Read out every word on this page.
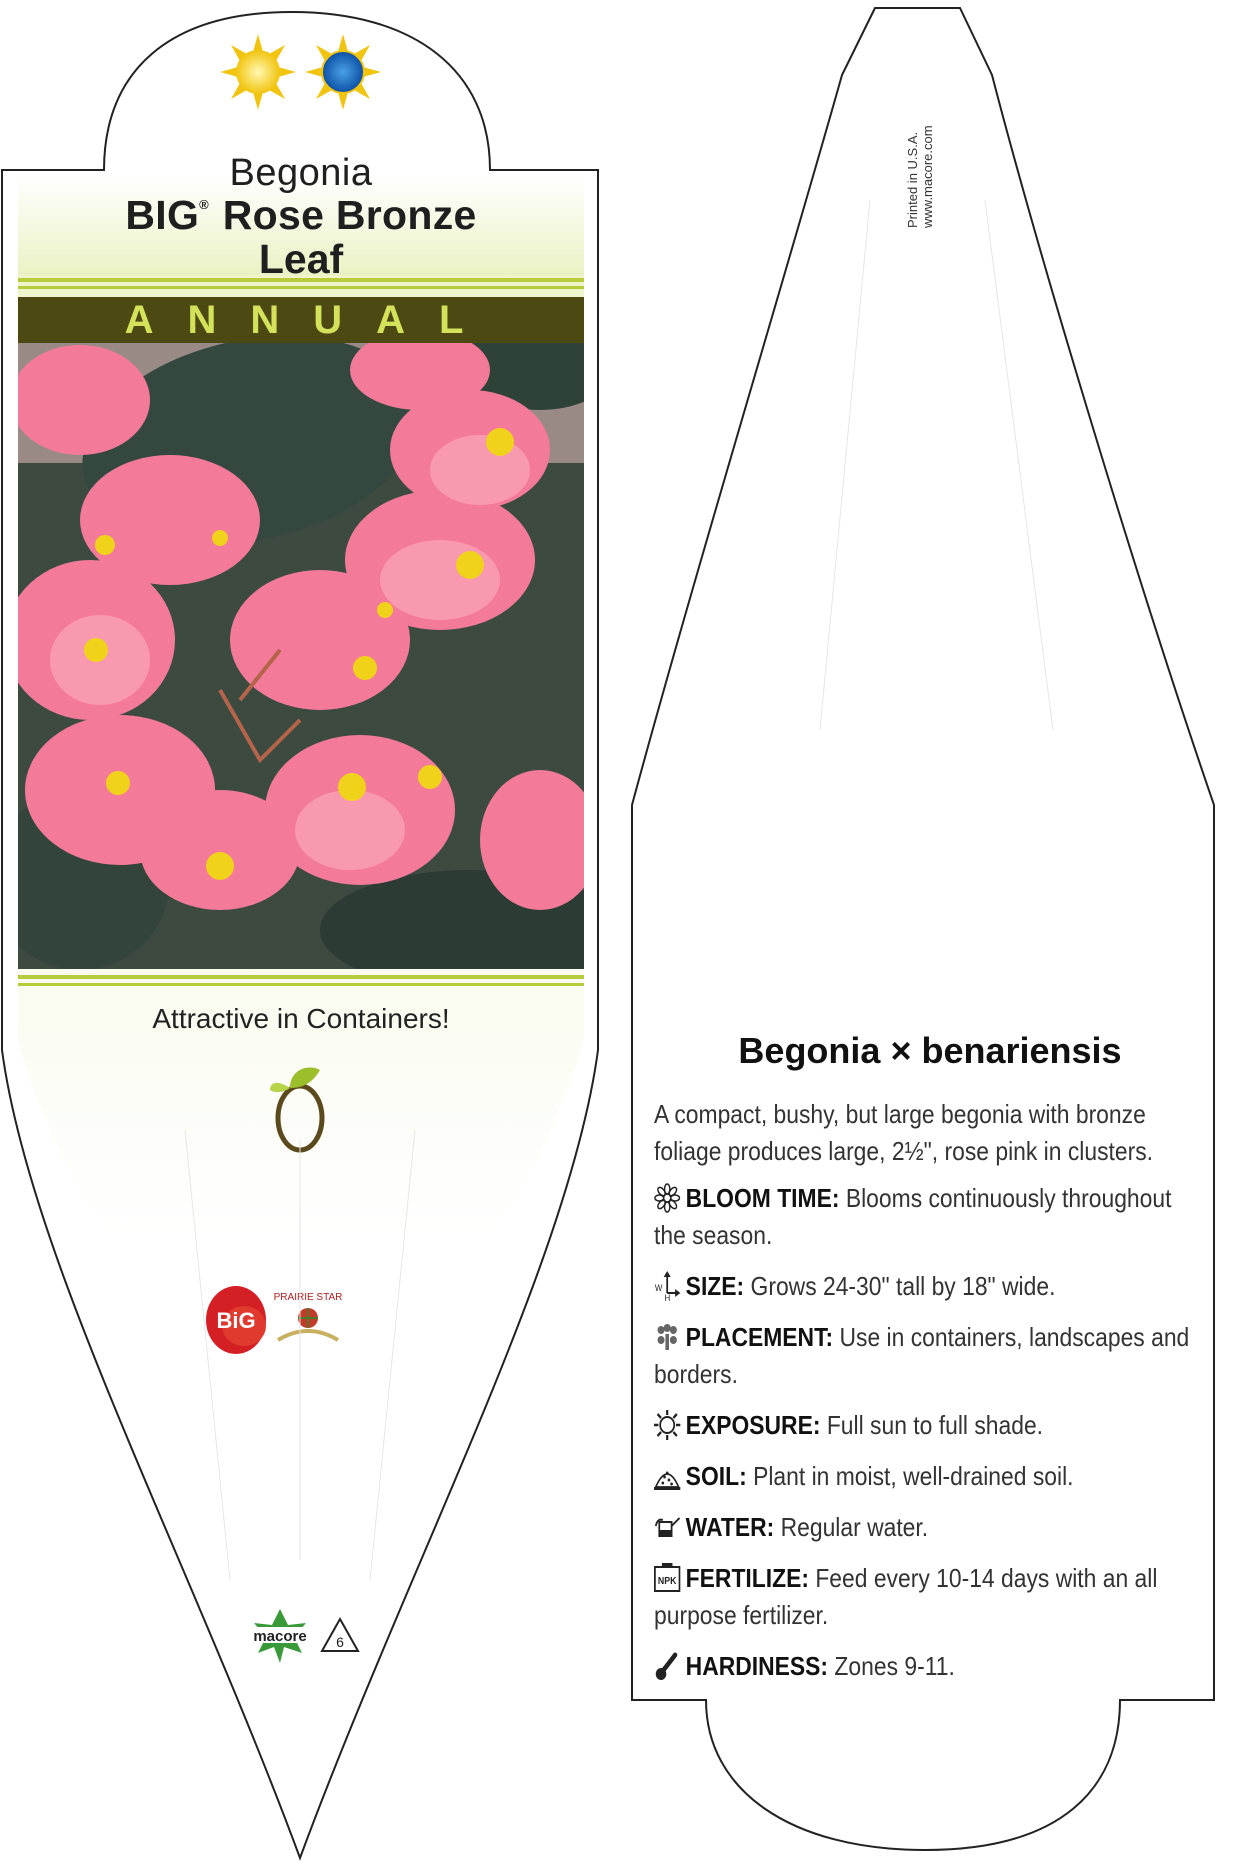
BiG
PRAIRIE STAR
macore 6
Begonia
BIG® Rose Bronze
Leaf
ANNUAL
Attractive in Containers!
Printed in U.S.A. www.macore.com
Begonia × benariensis
A compact, bushy, but large begonia with bronze foliage produces large, 2½", rose pink in clusters.
BLOOM TIME: Blooms continuously throughout the season.
W
H SIZE: Grows 24-30" tall by 18" wide.
PLACEMENT: Use in containers, landscapes and borders.
EXPOSURE: Full sun to full shade.
SOIL: Plant in moist, well-drained soil.
WATER: Regular water.
NPK FERTILIZE: Feed every 10-14 days with an all purpose fertilizer.
HARDINESS: Zones 9-11.
